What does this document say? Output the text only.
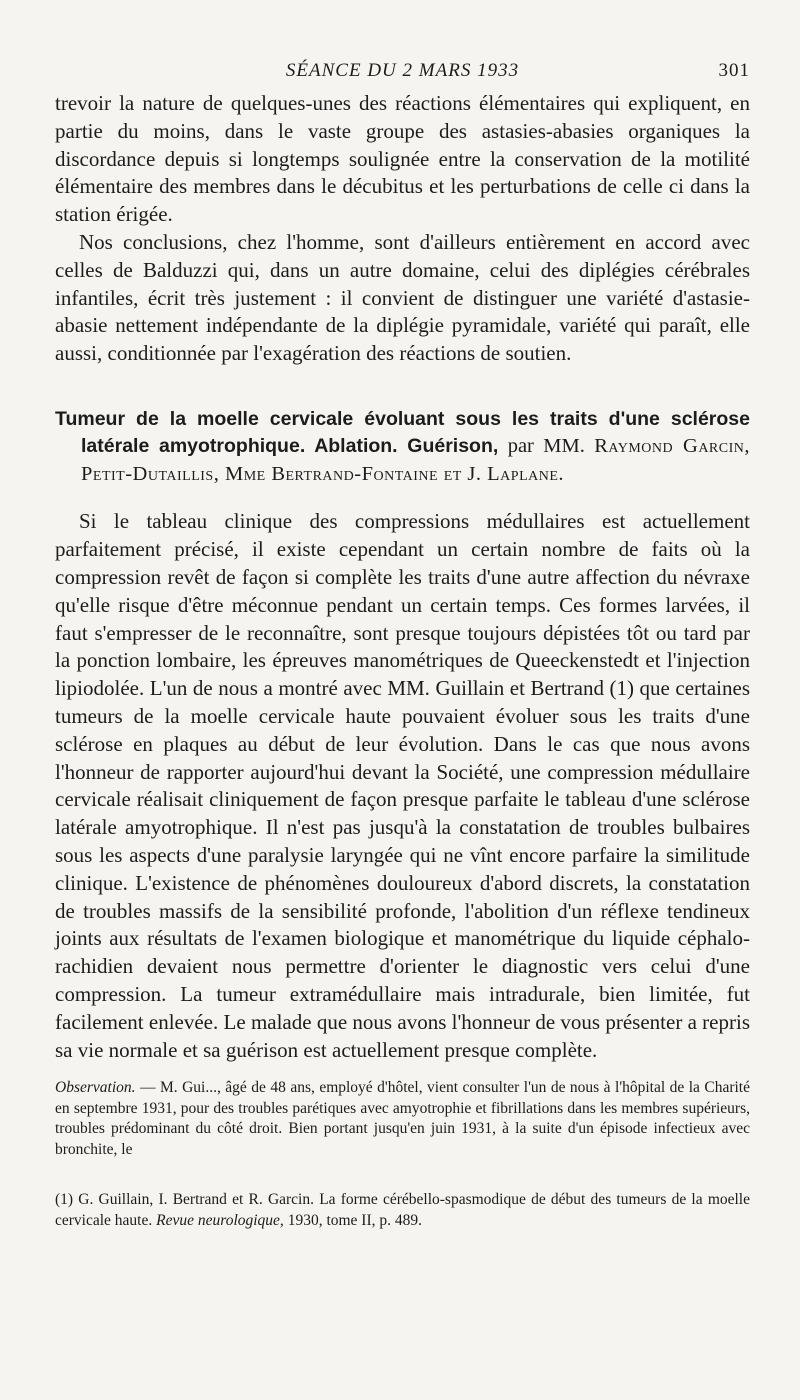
SÉANCE DU 2 MARS 1933	301

trevoir la nature de quelques-unes des réactions élémentaires qui expliquent, en partie du moins, dans le vaste groupe des astasies-abasies organiques la discordance depuis si longtemps soulignée entre la conservation de la motilité élémentaire des membres dans le décubitus et les perturbations de celle ci dans la station érigée.

Nos conclusions, chez l'homme, sont d'ailleurs entièrement en accord avec celles de Balduzzi qui, dans un autre domaine, celui des diplégies cérébrales infantiles, écrit très justement : il convient de distinguer une variété d'astasie-abasie nettement indépendante de la diplégie pyramidale, variété qui paraît, elle aussi, conditionnée par l'exagération des réactions de soutien.

Tumeur de la moelle cervicale évoluant sous les traits d'une sclérose latérale amyotrophique. Ablation. Guérison, par MM. Raymond Garcin, Petit-Dutaillis, Mme Bertrand-Fontaine et J. Laplane.

Si le tableau clinique des compressions médullaires est actuellement parfaitement précisé, il existe cependant un certain nombre de faits où la compression revêt de façon si complète les traits d'une autre affection du névraxe qu'elle risque d'être méconnue pendant un certain temps. Ces formes larvées, il faut s'empresser de le reconnaître, sont presque toujours dépistées tôt ou tard par la ponction lombaire, les épreuves manométriques de Queeckenstedt et l'injection lipiodolée. L'un de nous a montré avec MM. Guillain et Bertrand (1) que certaines tumeurs de la moelle cervicale haute pouvaient évoluer sous les traits d'une sclérose en plaques au début de leur évolution. Dans le cas que nous avons l'honneur de rapporter aujourd'hui devant la Société, une compression médullaire cervicale réalisait cliniquement de façon presque parfaite le tableau d'une sclérose latérale amyotrophique. Il n'est pas jusqu'à la constatation de troubles bulbaires sous les aspects d'une paralysie laryngée qui ne vînt encore parfaire la similitude clinique. L'existence de phénomènes douloureux d'abord discrets, la constatation de troubles massifs de la sensibilité profonde, l'abolition d'un réflexe tendineux joints aux résultats de l'examen biologique et manométrique du liquide céphalo-rachidien devaient nous permettre d'orienter le diagnostic vers celui d'une compression. La tumeur extramédullaire mais intradurale, bien limitée, fut facilement enlevée. Le malade que nous avons l'honneur de vous présenter a repris sa vie normale et sa guérison est actuellement presque complète.

Observation. — M. Gui..., âgé de 48 ans, employé d'hôtel, vient consulter l'un de nous à l'hôpital de la Charité en septembre 1931, pour des troubles parétiques avec amyotrophie et fibrillations dans les membres supérieurs, troubles prédominant du côté droit. Bien portant jusqu'en juin 1931, à la suite d'un épisode infectieux avec bronchite, le
(1) G. Guillain, I. Bertrand et R. Garcin. La forme cérébello-spasmodique de début des tumeurs de la moelle cervicale haute. Revue neurologique, 1930, tome II, p. 489.
